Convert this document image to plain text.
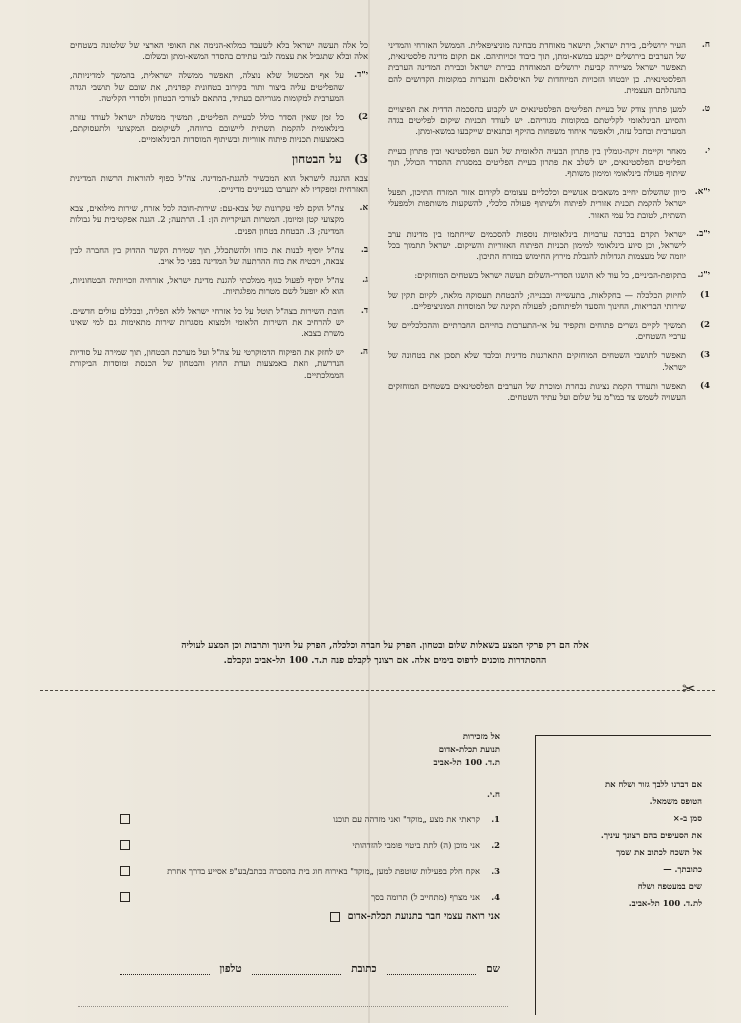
ח.
העיר ירושלים, בירת ישראל, תישאר מאוחדת מבחינה מוניציפאלית. הממשל האזרחי והמדיני של הערבים בירושלים ייקבע במשא-ומתן, תוך כיבוד זכויותיהם. אם תקום מדינה פלסטינאית, תאפשר ישראל מציירה קביעת ירושלים המאוחדת כבירת ישראל וכבירת המדינה הערבית הפלסטינאית. כן יובטחו הזכויות המיוחדות של האיסלאם והנצרות במקומות הקדושים להם בהנהלתם העצמית.
ט.
למען פתרון צודק של בעיית הפליטים הפלסטינאים יש לקבוע בהסכמה הדדית את הפיצויים והסיוע הבינלאומי לקליטתם במקומות מגוריהם. יש לעודד תכניות שיקום לפליטים בגדה המערבית ובחבל עזה, ולאפשר איחוד משפחות בהיקף ובתנאים שייקבעו במשא-ומתן.
י.
מאחר וקיימת זיקה-גומלין בין פתרון הבעיה הלאומית של העם הפלסטינאי ובין פתרון בעיית הפליטים הפלסטינאים, יש לשלב את פתרון בעיית הפליטים במסגרת ההסדר הכולל, תוך שיתוף פעולה בינלאומי ומימון משותף.
י"א.
כיוון שהשלום יחייב משאבים אנושיים וכלכליים עצומים לקידום אזור המזרח התיכון, תפעל ישראל להקמת תכנית אזורית לפיתוח ולשיתוף פעולה כלכלי, להשקעות משותפות ולמפעלי תשתית, לטובת כל עמי האזור.
י"ב.
ישראל תקדם בברכה ערבויות בינלאומיות נוספות להסכמים שייחתמו בין מדינות ערב לישראל, וכן סיוע בינלאומי למימון תכניות הפיתוח האזוריות והשיקום. ישראל תתמוך בכל יוזמה של מעצמות הגדולות להגבלת מירוץ החימוש במזרח התיכון.
י"ג.
בתקופת-הביניים, כל עוד לא הושגו הסדרי-השלום תעשה ישראל בשטחים המוחזקים:
1)
לחיזוק הכלכלה — בחקלאות, בתעשייה ובבנייה; להבטחת תעסוקה מלאה, לקיום תקין של שירותי הבריאות, החינוך והסעד ולפיתוחם; לפעולה תקינה של המוסדות המוניציפליים.
2)
תמשיך לקיים גשרים פתוחים ותקפיד על אי-התערבות בחייהם החברתיים וההכלכליים של ערביי השטחים.
3)
תאפשר לתושבי השטחים המוחזקים התארגנות מדינית ובלבד שלא תסכן את בטחונה של ישראל.
4)
תאפשר ותעודד הקמת נציגות נבחרת ומוכרת של הערבים הפלסטינאים בשטחים המוחזקים העשויה לשמש צד במו"מ על שלום ועל עתיד השטחים.
כל אלה תעשה ישראל בלא לשעבד כמלוא-הנימה את האופי הארצי של שלטונה בשטחים אלה ובלא שתגביל את עצמה לגבי עתידם בהסדר המשא-ומתן ובשלום.
י"ד.
על אף המכשול שלא נוצלה, תאפשר ממשלה ישראלית, בהמשך למדיניותה, שהפליטים עליה ביצור ותור בקירוב בטחונית קפדנית, את שובם של תושבי הגדה המערבית למקומות מגוריהם בעתיד, בהתאם לצורכי הבטחון ולסדרי הקליטה.
2)
כל זמן שאין הסדר כולל לבעיית הפליטים, תמשיך ממשלת ישראל לעודד עזרה בינלאומית להקמת תשתית ליישובם ברווחה, לשיקומם המקצועי ולתעסוקתם, באמצעות תכניות פיתוח אזוריות ובשיתוף המוסדות הבינלאומיים.
3) על הבטחון
צבא ההגנה לישראל הוא המכשיר להגנת-המדינה. צה"ל כפוף להוראות הרשות המדינית האזרחית ומפקדיו לא יתערבו בעניינים מדיניים.
א.
צה"ל הוקם לפי עקרונות של צבא-עם: שירות-חובה לכל אזרח, שירות מילואים, צבא מקצועי קטן ומיומן. המטרות העיקריות הן: 1. הרתעה; 2. הגנה אפקטיבית על גבולות המדינה; 3. הבטחת בטחון הפנים.
ב.
צה"ל יוסיף לבנות את כוחו ולהשתכלל, תוך שמירת הקשר ההדוק בין החברה לבין צבאה, ויבטיח את כוח ההרתעה של המדינה בפני כל אויב.
ג.
צה"ל יוסיף לפעול כגוף ממלכתי להגנת מדינת ישראל, אזרחיה וזכויותיה הבטחוניות, הוא לא יופעל לשם מטרות מפלגתיות.
ד.
חובת השירות בצה"ל תוטל על כל אזרחי ישראל ללא הפליה, ובכללם עולים חדשים. יש להרחיב את השירות הלאומי ולמצוא מסגרות שירות מתאימות גם למי שאינו משרת בצבא.
ה.
יש לחזק את הפיקוח הדמוקרטי על צה"ל ועל מערכת הבטחון, תוך שמירה על סודיות הנדרשת, וזאת באמצעות ועדת החוץ והבטחון של הכנסת ומוסדות הביקורת הממלכתיים.
אלה הם רק פרקי המצע בשאלות שלום ובטחון. הפרק על חברה וכלכלה, הפרק על חינוך ותרבות וכן המצע לעוליה
ההסתדרות מוכנים לדפוס בימים אלה. אם רצונך לקבלם פנה ת.ד. 100 תל-אביב ונקבלם.
✂
אם דברנו ללבך גזור ושלח את
הטופס משמאל.
סמן ב-×
את הסעיפים בהם רצונך עיניך.
אל תשכח לכתוב את שמך
כתובתך. —
שים במעטפה ושלח
לת.ד. 100 תל-אביב.
אל מזכירות
תנועת תכלת-אדום
ת.ד. 100 תל-אביב
ח.י.
1.
קראתי את מצע „מוקד" ואני מזדהה עם תוכנו
2.
אני מוכן (ה) לתת ביטוי פומבי להזדהותי
3.
אקח חלק בפעילות שוטפת למען „מוקד" באירוח חוג בית בהסברה בכתב/בע"פ אסייע בדרך אחרת
4.
אני מצרף (מתחייב ל) תרומה בסך
אני רואה עצמי חבר בתנועת תכלת-אדום
שם
כתובת
טלפון
